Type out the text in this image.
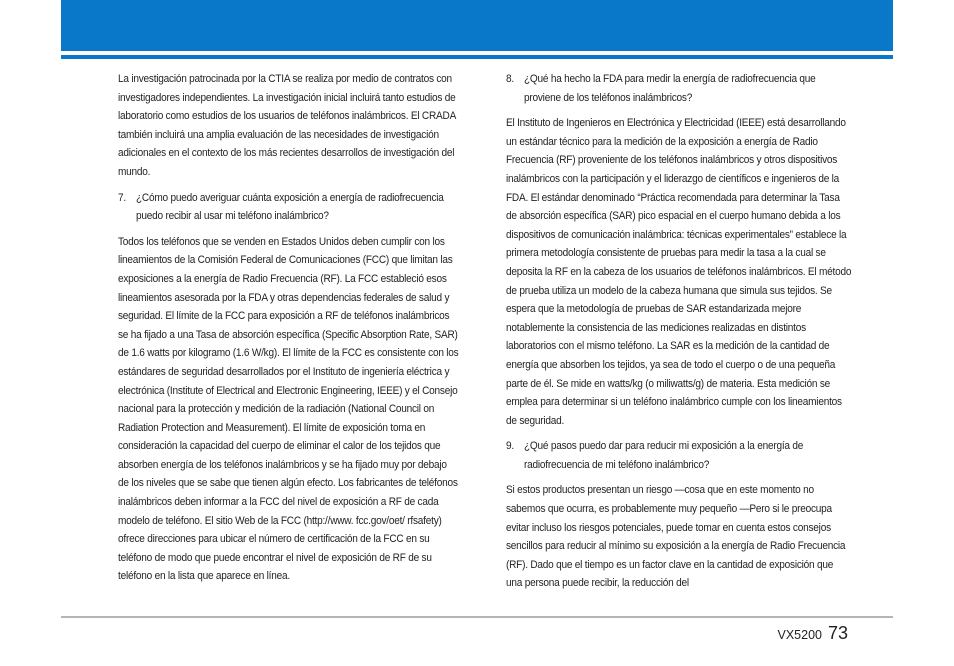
La investigación patrocinada por la CTIA se realiza por medio de contratos con investigadores independientes. La investigación inicial incluirá tanto estudios de laboratorio como estudios de los usuarios de teléfonos inalámbricos. El CRADA también incluirá una amplia evaluación de las necesidades de investigación adicionales en el contexto de los más recientes desarrollos de investigación del mundo.

7. ¿Cómo puedo averiguar cuánta exposición a energía de radiofrecuencia puedo recibir al usar mi teléfono inalámbrico?

Todos los teléfonos que se venden en Estados Unidos deben cumplir con los lineamientos de la Comisión Federal de Comunicaciones (FCC) que limitan las exposiciones a la energía de Radio Frecuencia (RF). La FCC estableció esos lineamientos asesorada por la FDA y otras dependencias federales de salud y seguridad. El límite de la FCC para exposición a RF de teléfonos inalámbricos se ha fijado a una Tasa de absorción específica (Specific Absorption Rate, SAR) de 1.6 watts por kilogramo (1.6 W/kg). El límite de la FCC es consistente con los estándares de seguridad desarrollados por el Instituto de ingeniería eléctrica y electrónica (Institute of Electrical and Electronic Engineering, IEEE) y el Consejo nacional para la protección y medición de la radiación (National Council on Radiation Protection and Measurement). El límite de exposición toma en consideración la capacidad del cuerpo de eliminar el calor de los tejidos que absorben energía de los teléfonos inalámbricos y se ha fijado muy por debajo de los niveles que se sabe que tienen algún efecto. Los fabricantes de teléfonos inalámbricos deben informar a la FCC del nivel de exposición a RF de cada modelo de teléfono. El sitio Web de la FCC (http://www. fcc.gov/oet/ rfsafety) ofrece direcciones para ubicar el número de certificación de la FCC en su teléfono de modo que puede encontrar el nivel de exposición de RF de su teléfono en la lista que aparece en línea.

8. ¿Qué ha hecho la FDA para medir la energía de radiofrecuencia que proviene de los teléfonos inalámbricos?

El Instituto de Ingenieros en Electrónica y Electricidad (IEEE) está desarrollando un estándar técnico para la medición de la exposición a energía de Radio Frecuencia (RF) proveniente de los teléfonos inalámbricos y otros dispositivos inalámbricos con la participación y el liderazgo de científicos e ingenieros de la FDA. El estándar denominado “Práctica recomendada para determinar la Tasa de absorción específica (SAR) pico espacial en el cuerpo humano debida a los dispositivos de comunicación inalámbrica: técnicas experimentales” establece la primera metodología consistente de pruebas para medir la tasa a la cual se deposita la RF en la cabeza de los usuarios de teléfonos inalámbricos. El método de prueba utiliza un modelo de la cabeza humana que simula sus tejidos. Se espera que la metodología de pruebas de SAR estandarizada mejore notablemente la consistencia de las mediciones realizadas en distintos laboratorios con el mismo teléfono. La SAR es la medición de la cantidad de energía que absorben los tejidos, ya sea de todo el cuerpo o de una pequeña parte de él. Se mide en watts/kg (o miliwatts/g) de materia. Esta medición se emplea para determinar si un teléfono inalámbrico cumple con los lineamientos de seguridad.

9. ¿Qué pasos puedo dar para reducir mi exposición a la energía de radiofrecuencia de mi teléfono inalámbrico?

Si estos productos presentan un riesgo —cosa que en este momento no sabemos que ocurra, es probablemente muy pequeño —Pero si le preocupa evitar incluso los riesgos potenciales, puede tomar en cuenta estos consejos sencillos para reducir al mínimo su exposición a la energía de Radio Frecuencia (RF). Dado que el tiempo es un factor clave en la cantidad de exposición que una persona puede recibir, la reducción del

VX5200 73
